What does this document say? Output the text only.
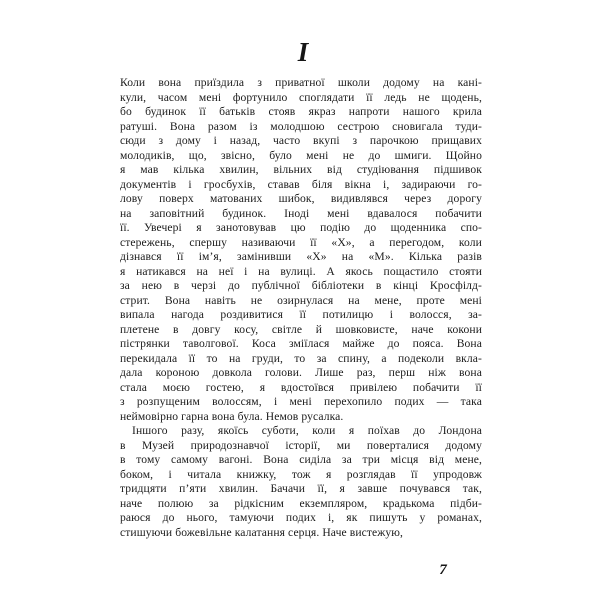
I
Коли вона приїздила з приватної школи додому на кані-
кули, часом мені фортунило споглядати її ледь не щодень,
бо будинок її батьків стояв якраз напроти нашого крила
ратуші. Вона разом із молодшою сестрою сновигала туди-
сюди з дому і назад, часто вкупі з парочкою прищавих
молодиків, що, звісно, було мені не до шмиги. Щойно
я мав кілька хвилин, вільних від студіювання підшивок
документів і гросбухів, ставав біля вікна і, задираючи го-
лову поверх матованих шибок, видивлявся через дорогу
на заповітний будинок. Іноді мені вдавалося побачити
її. Увечері я занотовував цю подію до щоденника спо-
стережень, спершу називаючи її «X», а перегодом, коли
дізнався її ім’я, замінивши «X» на «М». Кілька разів
я натикався на неї і на вулиці. А якось пощастило стояти
за нею в черзі до публічної бібліотеки в кінці Кросфілд-
стрит. Вона навіть не озирнулася на мене, проте мені
випала нагода роздивитися її потилицю і волосся, за-
плетене в довгу косу, світле й шовковисте, наче кокони
пістрянки таволгової. Коса зміїлася майже до пояса. Вона
перекидала її то на груди, то за спину, а подеколи вкла-
дала короною довкола голови. Лише раз, перш ніж вона
стала моєю гостею, я вдостоївся привілею побачити її
з розпущеним волоссям, і мені перехопило подих — така
неймовірно гарна вона була. Немов русалка.
Іншого разу, якоїсь суботи, коли я поїхав до Лондона
в Музей природознавчої історії, ми поверталися додому
в тому самому вагоні. Вона сиділа за три місця від мене,
боком, і читала книжку, тож я розглядав її упродовж
тридцяти п’яти хвилин. Бачачи її, я завше почувався так,
наче полюю за рідкісним екземпляром, крадькома підби-
раюся до нього, тамуючи подих і, як пишуть у романах,
стишуючи божевільне калатання серця. Наче вистежую,
7
